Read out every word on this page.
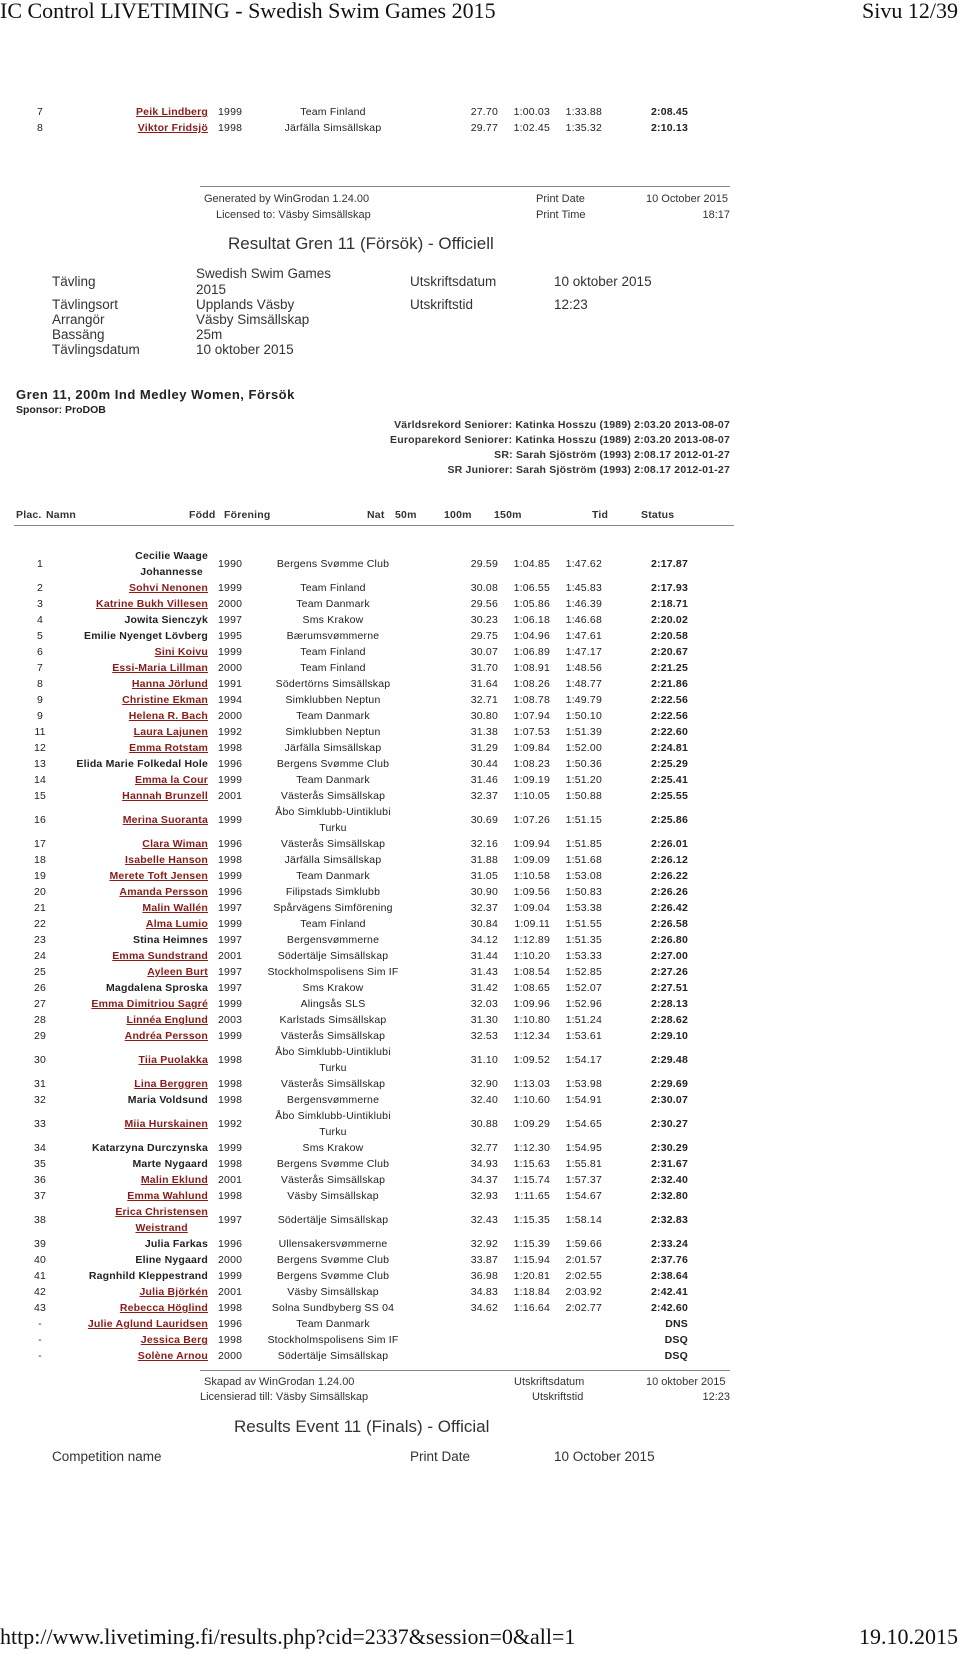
IC Control LIVETIMING - Swedish Swim Games 2015	Sivu 12/39
7	Peik Lindberg	1999	Team Finland		27.70	1:00.03	1:33.88	2:08.45
8	Viktor Fridsjö	1998	Järfälla Simsällskap		29.77	1:02.45	1:35.32	2:10.13
Generated by WinGrodan 1.24.00
Licensed to: Väsby Simsällskap
Print Date	10 October 2015
Print Time	18:17
Resultat Gren 11 (Försök) - Officiell
Tävling
Swedish Swim Games
2015
Utskriftsdatum	10 oktober 2015
Tävlingsort	Upplands Väsby	Utskriftstid	12:23
Arrangör	Väsby Simsällskap
Bassäng	25m
Tävlingsdatum	10 oktober 2015
Gren 11, 200m Ind Medley Women, Försök
Sponsor: ProDOB
Världsrekord Seniorer: Katinka Hosszu (1989) 2:03.20 2013-08-07
Europarekord Seniorer: Katinka Hosszu (1989) 2:03.20 2013-08-07
SR: Sarah Sjöström (1993) 2:08.17 2012-01-27
SR Juniorer: Sarah Sjöström (1993) 2:08.17 2012-01-27
Plac. Namn	Född Förening	Nat 50m	100m 150m	Tid	Status
1	Cecilie Waage
Johannesse	1990	Bergens Svømme Club		29.59	1:04.85	1:47.62	2:17.87
2	Sohvi Nenonen	1999	Team Finland		30.08	1:06.55	1:45.83	2:17.93
3	Katrine Bukh Villesen	2000	Team Danmark		29.56	1:05.86	1:46.39	2:18.71
4	Jowita Sienczyk	1997	Sms Krakow		30.23	1:06.18	1:46.68	2:20.02
5	Emilie Nyenget Lövberg	1995	Bærumsvømmerne		29.75	1:04.96	1:47.61	2:20.58
6	Sini Koivu	1999	Team Finland		30.07	1:06.89	1:47.17	2:20.67
7	Essi-Maria Lillman	2000	Team Finland		31.70	1:08.91	1:48.56	2:21.25
8	Hanna Jörlund	1991	Södertörns Simsällskap		31.64	1:08.26	1:48.77	2:21.86
9	Christine Ekman	1994	Simklubben Neptun		32.71	1:08.78	1:49.79	2:22.56
9	Helena R. Bach	2000	Team Danmark		30.80	1:07.94	1:50.10	2:22.56
11	Laura Lajunen	1992	Simklubben Neptun		31.38	1:07.53	1:51.39	2:22.60
12	Emma Rotstam	1998	Järfälla Simsällskap		31.29	1:09.84	1:52.00	2:24.81
13	Elida Marie Folkedal Hole	1996	Bergens Svømme Club		30.44	1:08.23	1:50.36	2:25.29
14	Emma la Cour	1999	Team Danmark		31.46	1:09.19	1:51.20	2:25.41
15	Hannah Brunzell	2001	Västerås Simsällskap		32.37	1:10.05	1:50.88	2:25.55
16	Merina Suoranta	1999	Åbo Simklubb-Uintiklubi
Turku		30.69	1:07.26	1:51.15	2:25.86
17	Clara Wiman	1996	Västerås Simsällskap		32.16	1:09.94	1:51.85	2:26.01
18	Isabelle Hanson	1998	Järfälla Simsällskap		31.88	1:09.09	1:51.68	2:26.12
19	Merete Toft Jensen	1999	Team Danmark		31.05	1:10.58	1:53.08	2:26.22
20	Amanda Persson	1996	Filipstads Simklubb		30.90	1:09.56	1:50.83	2:26.26
21	Malin Wallén	1997	Spårvägens Simförening		32.37	1:09.04	1:53.38	2:26.42
22	Alma Lumio	1999	Team Finland		30.84	1:09.11	1:51.55	2:26.58
23	Stina Heimnes	1997	Bergensvømmerne		34.12	1:12.89	1:51.35	2:26.80
24	Emma Sundstrand	2001	Södertälje Simsällskap		31.44	1:10.20	1:53.33	2:27.00
25	Ayleen Burt	1997	Stockholmspolisens Sim IF		31.43	1:08.54	1:52.85	2:27.26
26	Magdalena Sproska	1997	Sms Krakow		31.42	1:08.65	1:52.07	2:27.51
27	Emma Dimitriou Sagré	1999	Alingsås SLS		32.03	1:09.96	1:52.96	2:28.13
28	Linnéa Englund	2003	Karlstads Simsällskap		31.30	1:10.80	1:51.24	2:28.62
29	Andréa Persson	1999	Västerås Simsällskap		32.53	1:12.34	1:53.61	2:29.10
30	Tiia Puolakka	1998	Åbo Simklubb-Uintiklubi
Turku		31.10	1:09.52	1:54.17	2:29.48
31	Lina Berggren	1998	Västerås Simsällskap		32.90	1:13.03	1:53.98	2:29.69
32	Maria Voldsund	1998	Bergensvømmerne		32.40	1:10.60	1:54.91	2:30.07
33	Miia Hurskainen	1992	Åbo Simklubb-Uintiklubi
Turku		30.88	1:09.29	1:54.65	2:30.27
34	Katarzyna Durczynska	1999	Sms Krakow		32.77	1:12.30	1:54.95	2:30.29
35	Marte Nygaard	1998	Bergens Svømme Club		34.93	1:15.63	1:55.81	2:31.67
36	Malin Eklund	2001	Västerås Simsällskap		34.37	1:15.74	1:57.37	2:32.40
37	Emma Wahlund	1998	Väsby Simsällskap		32.93	1:11.65	1:54.67	2:32.80
38	Erica Christensen
Weistrand	1997	Södertälje Simsällskap		32.43	1:15.35	1:58.14	2:32.83
39	Julia Farkas	1996	Ullensakersvømmerne		32.92	1:15.39	1:59.66	2:33.24
40	Eline Nygaard	2000	Bergens Svømme Club		33.87	1:15.94	2:01.57	2:37.76
41	Ragnhild Kleppestrand	1999	Bergens Svømme Club		36.98	1:20.81	2:02.55	2:38.64
42	Julia Björkén	2001	Väsby Simsällskap		34.83	1:18.84	2:03.92	2:42.41
43	Rebecca Höglind	1998	Solna Sundbyberg SS 04		34.62	1:16.64	2:02.77	2:42.60
-	Julie Aglund Lauridsen	1996	Team Danmark					DNS
-	Jessica Berg	1998	Stockholmspolisens Sim IF					DSQ
-	Solène Arnou	2000	Södertälje Simsällskap					DSQ
Skapad av WinGrodan 1.24.00
Licensierad till: Väsby Simsällskap
Utskriftsdatum	10 oktober 2015
Utskriftstid	12:23
Results Event 11 (Finals) - Official
Competition name	Print Date	10 October 2015
http://www.livetiming.fi/results.php?cid=2337&session=0&all=1	19.10.2015
